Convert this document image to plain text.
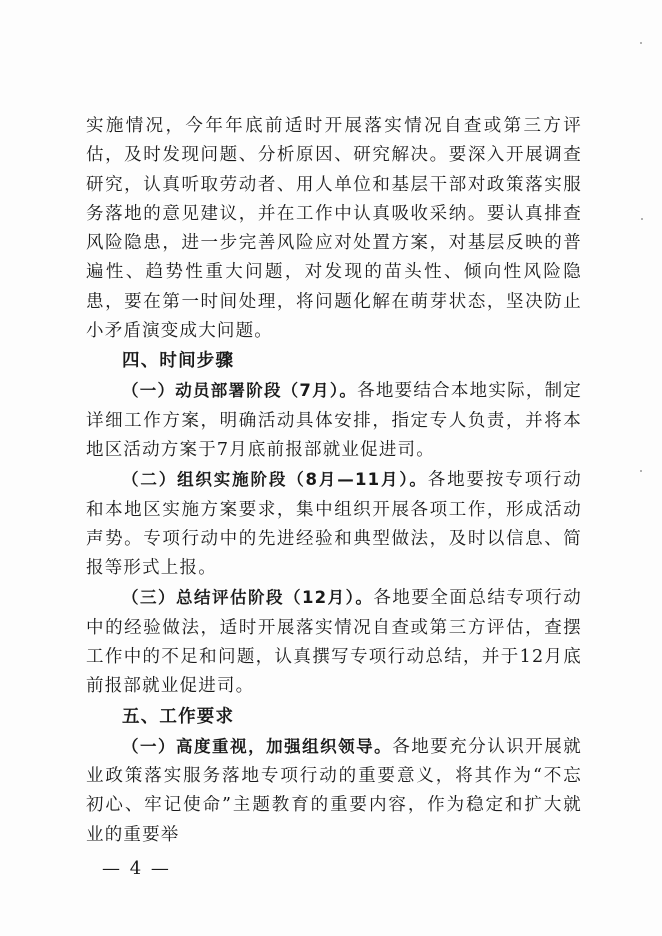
实施情况，今年年底前适时开展落实情况自查或第三方评估，及时发现问题、分析原因、研究解决。要深入开展调查研究，认真听取劳动者、用人单位和基层干部对政策落实服务落地的意见建议，并在工作中认真吸收采纳。要认真排查风险隐患，进一步完善风险应对处置方案，对基层反映的普遍性、趋势性重大问题，对发现的苗头性、倾向性风险隐患，要在第一时间处理，将问题化解在萌芽状态，坚决防止小矛盾演变成大问题。

四、时间步骤

（一）动员部署阶段（7月）。各地要结合本地实际，制定详细工作方案，明确活动具体安排，指定专人负责，并将本地区活动方案于7月底前报部就业促进司。

（二）组织实施阶段（8月—11月）。各地要按专项行动和本地区实施方案要求，集中组织开展各项工作，形成活动声势。专项行动中的先进经验和典型做法，及时以信息、简报等形式上报。

（三）总结评估阶段（12月）。各地要全面总结专项行动中的经验做法，适时开展落实情况自查或第三方评估，查摆工作中的不足和问题，认真撰写专项行动总结，并于12月底前报部就业促进司。

五、工作要求

（一）高度重视，加强组织领导。各地要充分认识开展就业政策落实服务落地专项行动的重要意义，将其作为“不忘初心、牢记使命”主题教育的重要内容，作为稳定和扩大就业的重要举

— 4 —
